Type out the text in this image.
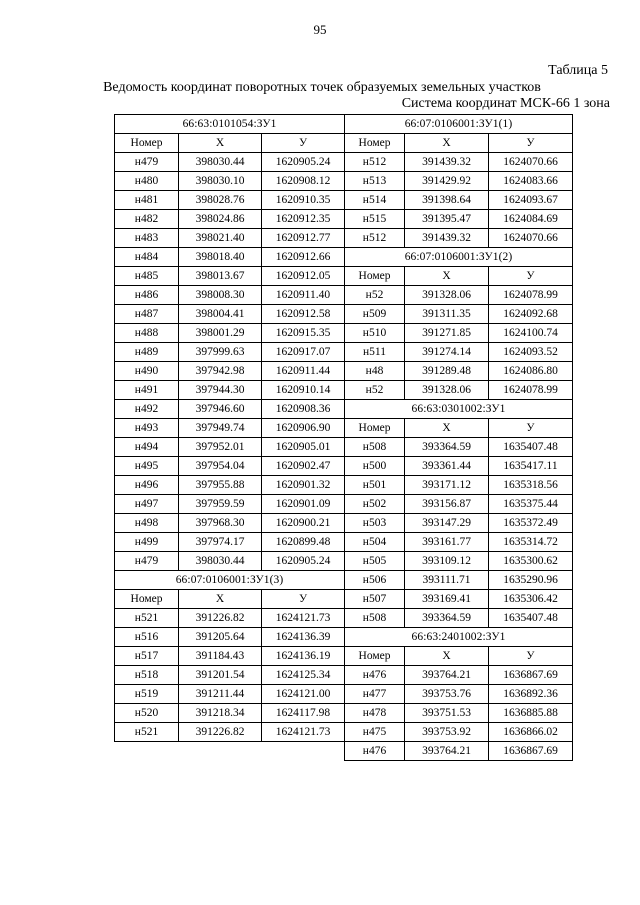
95
Таблица 5
Ведомость координат поворотных точек образуемых земельных участков
Система координат МСК-66 1 зона
66:63:0101054:ЗУ1		
Номер	Х	У
н479	398030.44	1620905.24
н480	398030.10	1620908.12
н481	398028.76	1620910.35
н482	398024.86	1620912.35
н483	398021.40	1620912.77
н484	398018.40	1620912.66
н485	398013.67	1620912.05
н486	398008.30	1620911.40
н487	398004.41	1620912.58
н488	398001.29	1620915.35
н489	397999.63	1620917.07
н490	397942.98	1620911.44
н491	397944.30	1620910.14
н492	397946.60	1620908.36
н493	397949.74	1620906.90
н494	397952.01	1620905.01
н495	397954.04	1620902.47
н496	397955.88	1620901.32
н497	397959.59	1620901.09
н498	397968.30	1620900.21
н499	397974.17	1620899.48
н479	398030.44	1620905.24
66:07:0106001:ЗУ1(3)		
Номер	Х	У
н521	391226.82	1624121.73
н516	391205.64	1624136.39
н517	391184.43	1624136.19
н518	391201.54	1624125.34
н519	391211.44	1624121.00
н520	391218.34	1624117.98
н521	391226.82	1624121.73
66:07:0106001:ЗУ1(1)		
Номер	Х	У
н512	391439.32	1624070.66
н513	391429.92	1624083.66
н514	391398.64	1624093.67
н515	391395.47	1624084.69
н512	391439.32	1624070.66
66:07:0106001:ЗУ1(2)		
Номер	Х	У
н52	391328.06	1624078.99
н509	391311.35	1624092.68
н510	391271.85	1624100.74
н511	391274.14	1624093.52
н48	391289.48	1624086.80
н52	391328.06	1624078.99
66:63:0301002:ЗУ1		
Номер	Х	У
н508	393364.59	1635407.48
н500	393361.44	1635417.11
н501	393171.12	1635318.56
н502	393156.87	1635375.44
н503	393147.29	1635372.49
н504	393161.77	1635314.72
н505	393109.12	1635300.62
н506	393111.71	1635290.96
н507	393169.41	1635306.42
н508	393364.59	1635407.48
66:63:2401002:ЗУ1		
Номер	Х	У
н476	393764.21	1636867.69
н477	393753.76	1636892.36
н478	393751.53	1636885.88
н475	393753.92	1636866.02
н476	393764.21	1636867.69
